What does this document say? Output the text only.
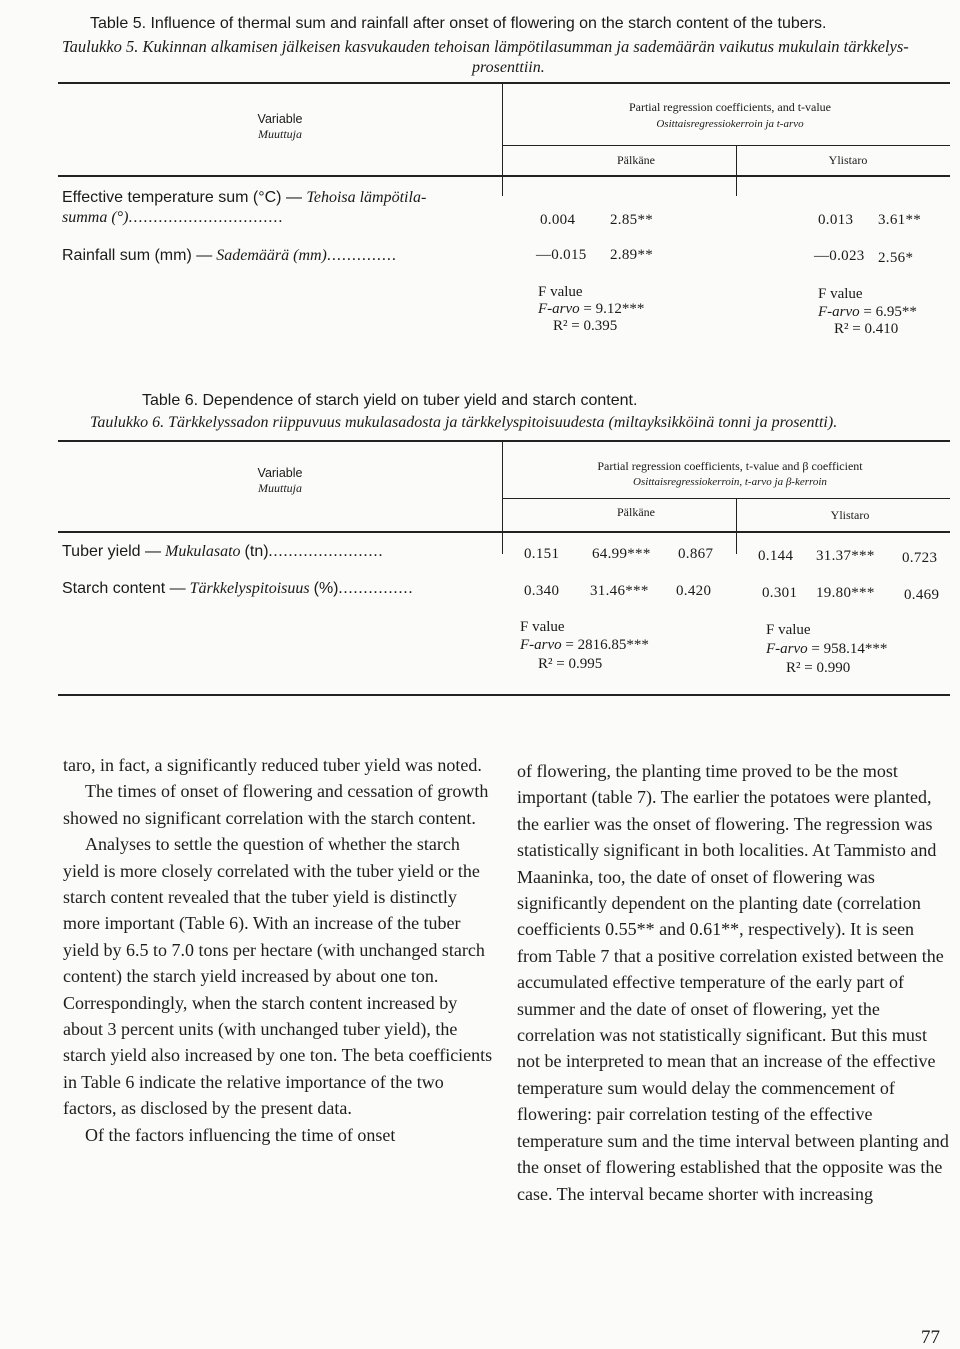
Table 5. Influence of thermal sum and rainfall after onset of flowering on the starch content of the tubers.
Taulukko 5. Kukinnan alkamisen jälkeisen kasvukauden tehoisan lämpötilasumman ja sademäärän vaikutus mukulain tärkkelys-
prosenttiin.
Variable
Muuttuja
Partial regression coefficients, and t-value
Osittaisregressiokerroin ja t-arvo
Pälkäne	Ylistaro
Effective temperature sum (°C) — Tehoisa lämpötila-
summa (°)...............................	0.004 2.85**	0.013 3.61**
Rainfall sum (mm) — Sademäärä (mm)..............	—0.015 2.89**	—0.023 2.56*
F value
F-arvo = 9.12***
R² = 0.395
F value
F-arvo = 6.95**
R² = 0.410
Table 6. Dependence of starch yield on tuber yield and starch content.
Taulukko 6. Tärkkelyssadon riippuvuus mukulasadosta ja tärkkelyspitoisuudesta (miltayksikköinä tonni ja prosentti).
Variable
Muuttuja
Partial regression coefficients, t-value and β coefficient
Osittaisregressiokerroin, t-arvo ja β-kerroin
Pälkäne	Ylistaro
Tuber yield — Mukulasato (tn).......................	0.151 64.99*** 0.867	0.144 31.37*** 0.723
Starch content — Tärkkelyspitoisuus (%)...............	0.340 31.46*** 0.420	0.301 19.80*** 0.469
F value
F-arvo = 2816.85***
R² = 0.995
F value
F-arvo = 958.14***
R² = 0.990

taro, in fact, a significantly reduced tuber yield was noted.

The times of onset of flowering and cessation of growth showed no significant correlation with the starch content.

Analyses to settle the question of whether the starch yield is more closely correlated with the tuber yield or the starch content revealed that the tuber yield is distinctly more important (Table 6). With an increase of the tuber yield by 6.5 to 7.0 tons per hectare (with unchanged starch content) the starch yield increased by about one ton. Correspondingly, when the starch content increased by about 3 percent units (with unchanged tuber yield), the starch yield also increased by one ton. The beta coefficients in Table 6 indicate the relative importance of the two factors, as disclosed by the present data.

Of the factors influencing the time of onset

of flowering, the planting time proved to be the most important (table 7). The earlier the potatoes were planted, the earlier was the onset of flowering. The regression was statistically significant in both localities. At Tammisto and Maaninka, too, the date of onset of flowering was significantly dependent on the planting date (correlation coefficients 0.55** and 0.61**, respectively). It is seen from Table 7 that a positive correlation existed between the accumulated effective temperature of the early part of summer and the date of onset of flowering, yet the correlation was not statistically significant. But this must not be interpreted to mean that an increase of the effective temperature sum would delay the commencement of flowering: pair correlation testing of the effective temperature sum and the time interval between planting and the onset of flowering established that the opposite was the case. The interval became shorter with increasing

77
